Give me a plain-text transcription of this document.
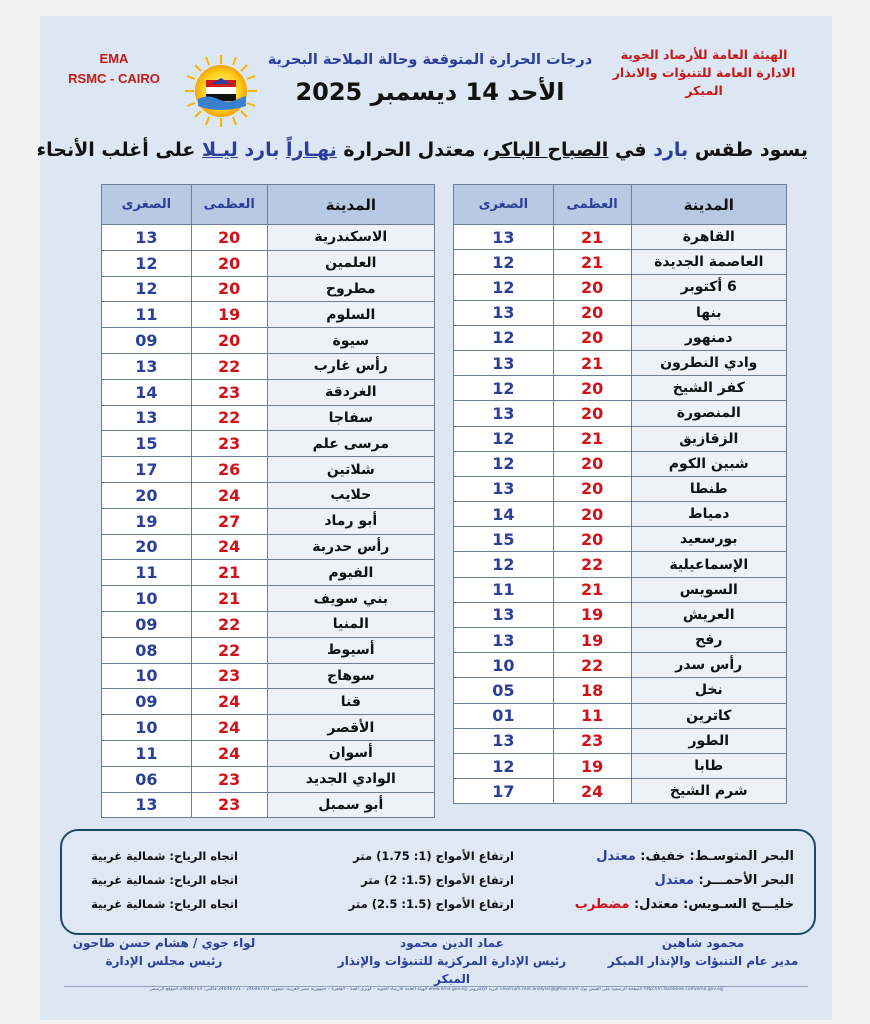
الهيئة العامة للأرصاد الجوية
الادارة العامة للتنبؤات والانذار المبكر
EMA
RSMC - CAIRO
درجات الحرارة المتوقعة وحالة الملاحة البحرية
الأحد 14 ديسمبر 2025
يسود طقس بارد في الصباح الباكر، معتدل الحرارة نهـاراً بارد ليـلا على أغلب الأنحاء
المدينة	العظمى	الصغرى
القاهرة	21	13
العاصمة الجديدة	21	12
6 أكتوبر	20	12
بنها	20	13
دمنهور	20	12
وادي النطرون	21	13
كفر الشيخ	20	12
المنصورة	20	13
الزقازيق	21	12
شبين الكوم	20	12
طنطا	20	13
دمياط	20	14
بورسعيد	20	15
الإسماعيلية	22	12
السويس	21	11
العريش	19	13
رفح	19	13
رأس سدر	22	10
نخل	18	05
كاترين	11	01
الطور	23	13
طابا	19	12
شرم الشيخ	24	17
المدينة	العظمى	الصغرى
الاسكندرية	20	13
العلمين	20	12
مطروح	20	12
السلوم	19	11
سيوة	20	09
رأس غارب	22	13
الغردقة	23	14
سفاجا	22	13
مرسى علم	23	15
شلاتين	26	17
حلايب	24	20
أبو رماد	27	19
رأس حدربة	24	20
الفيوم	21	11
بني سويف	21	10
المنيا	22	09
أسيوط	22	08
سوهاج	23	10
قنا	24	09
الأقصر	24	10
أسوان	24	11
الوادي الجديد	23	06
أبو سمبل	23	13
البحر المتوسـط: خفيف: معتدل
ارتفاع الأمواج (1: 1.75) متر
اتجاه الرياح: شمالية غربية
البحر الأحمـــر: معتدل
ارتفاع الأمواج (1.5: 2) متر
اتجاه الرياح: شمالية غربية
خليـــج السـويس: معتدل: مضطرب
ارتفاع الأمواج (1.5: 2.5) متر
اتجاه الرياح: شمالية غربية
محمود شاهين
مدير عام التنبؤات والإنذار المبكر
عماد الدين محمود
رئيس الإدارة المركزية للتنبؤات والإنذار المبكر
لواء جوي / هشام حسن طاحون
رئيس مجلس الإدارة
http://m.facebook.com/ema.gov.eg الصفحة الرسمية على الفيس بوك cevsrium.met.analysis@gmail.com البريد الإلكتروني www.ema.gov.eg الهيئة العامة للأرصاد الجوية – كوبري القبة – القاهرة – جمهورية مصر العربية، تليفون: 24646719 – 24646721 فاكس: 24646714 الموقع الرسمي
